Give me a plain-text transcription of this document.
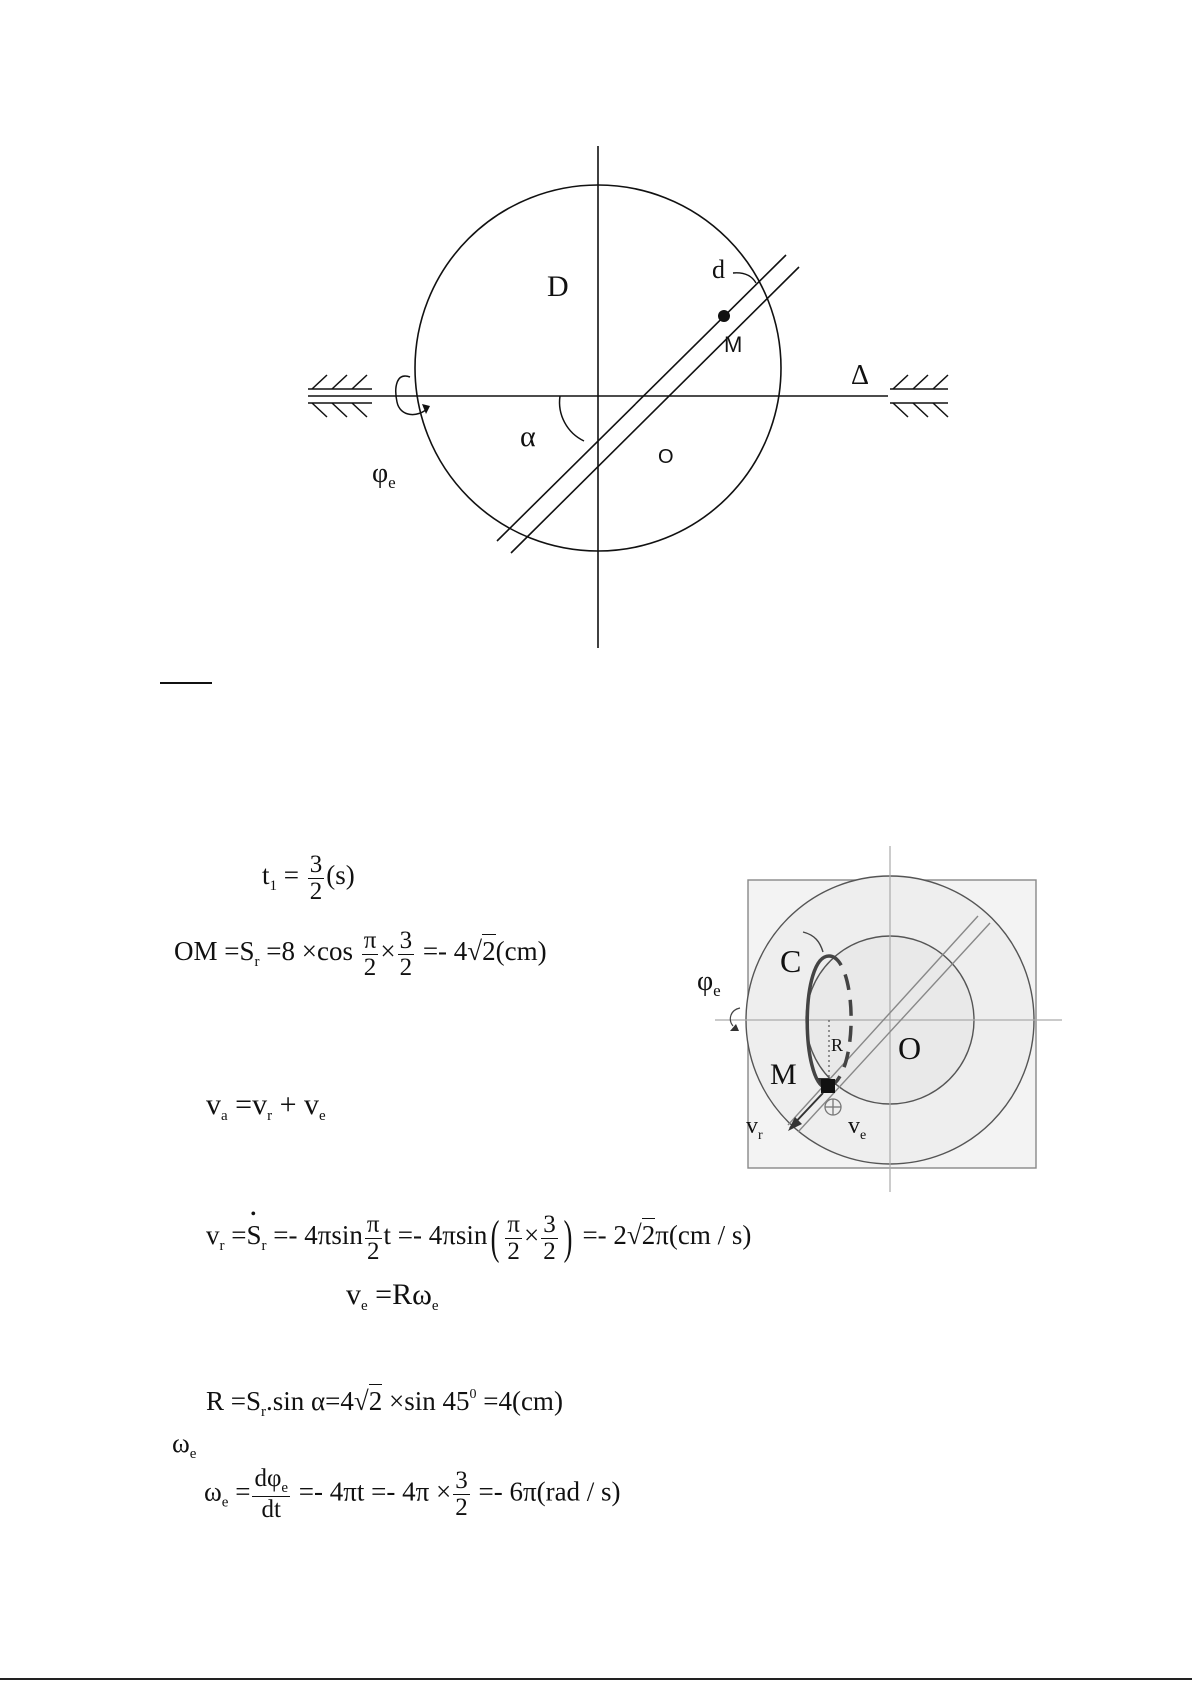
D
d
M
Δ
α
O
$\varphi_e$
C
$\varphi_e$
R O
M
$v_r$	$v_e$
$t_1 = \frac{3}{2} (s)$
OM $=S_r =8 \times\cos \frac{\pi}{2} \times \frac{3}{2} =- 4√2(cm)$
$v_a =v_r + v_e$
$v_r$ =• $S_r =- 4\pi\sin \frac{\pi}{2}$ $t =- 4\pi\sin( \frac{\pi}{2} \times \frac{3}{2}$ ) =- 2√2π(cm / s)
$v_e =R\omega_e$
$R =S_r.\sin$ α=4√2 ×sin $45^0 =4(cm)$
$\omega_e$
$\omega_e = \frac{d\varphi_e}{dt} =- 4\pi t =- 4\pi \times \frac{3}{2} =- 6\pi(rad / s)$
